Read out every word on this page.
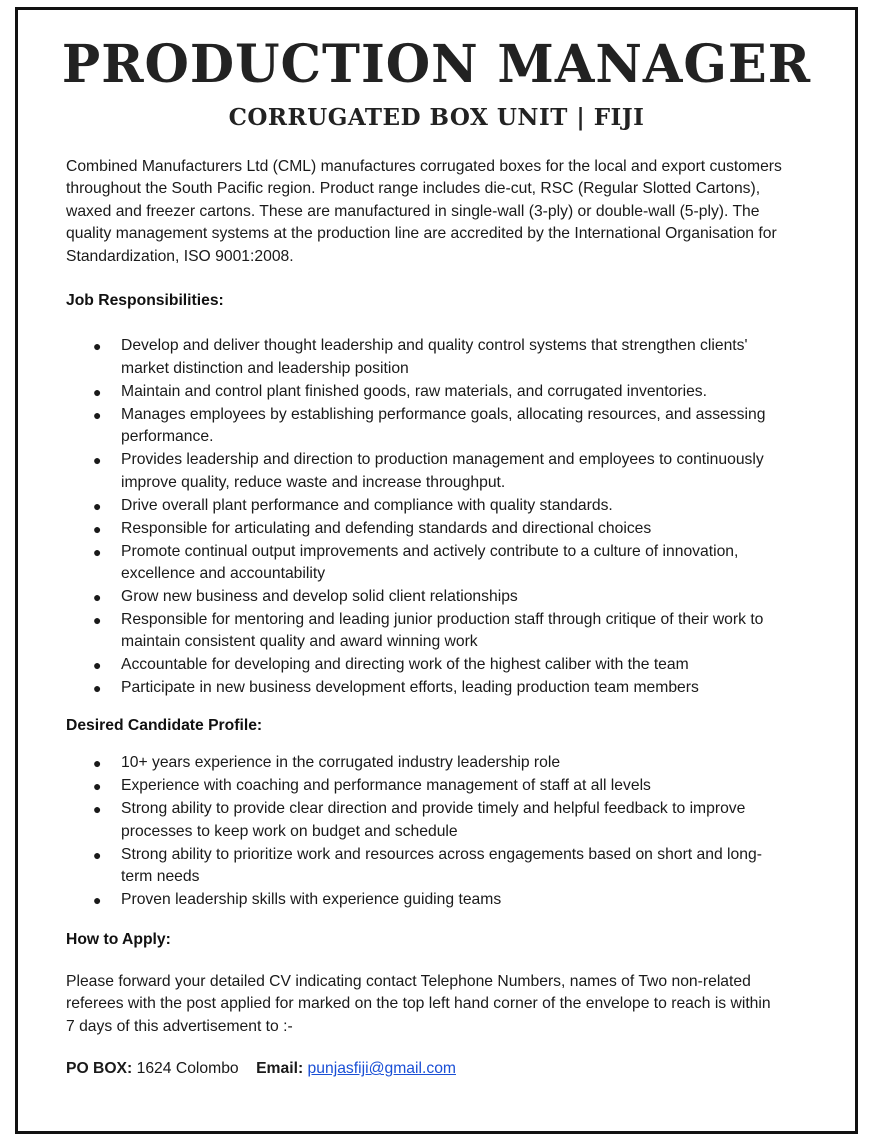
PRODUCTION MANAGER
CORRUGATED BOX UNIT | FIJI

Combined Manufacturers Ltd (CML) manufactures corrugated boxes for the local and export customers throughout the South Pacific region. Product range includes die-cut, RSC (Regular Slotted Cartons), waxed and freezer cartons. These are manufactured in single-wall (3-ply) or double-wall (5-ply). The quality management systems at the production line are accredited by the International Organisation for Standardization, ISO 9001:2008.

Job Responsibilities:
● Develop and deliver thought leadership and quality control systems that strengthen clients' market distinction and leadership position
● Maintain and control plant finished goods, raw materials, and corrugated inventories.
● Manages employees by establishing performance goals, allocating resources, and assessing performance.
● Provides leadership and direction to production management and employees to continuously improve quality, reduce waste and increase throughput.
● Drive overall plant performance and compliance with quality standards.
● Responsible for articulating and defending standards and directional choices
● Promote continual output improvements and actively contribute to a culture of innovation, excellence and accountability
● Grow new business and develop solid client relationships
● Responsible for mentoring and leading junior production staff through critique of their work to maintain consistent quality and award winning work
● Accountable for developing and directing work of the highest caliber with the team
● Participate in new business development efforts, leading production team members
Desired Candidate Profile:
● 10+ years experience in the corrugated industry leadership role
● Experience with coaching and performance management of staff at all levels
● Strong ability to provide clear direction and provide timely and helpful feedback to improve processes to keep work on budget and schedule
● Strong ability to prioritize work and resources across engagements based on short and long-term needs
● Proven leadership skills with experience guiding teams
How to Apply:

Please forward your detailed CV indicating contact Telephone Numbers, names of Two non-related referees with the post applied for marked on the top left hand corner of the envelope to reach is within 7 days of this advertisement to :-

PO BOX: 1624 Colombo Email: punjasfiji@gmail.com
